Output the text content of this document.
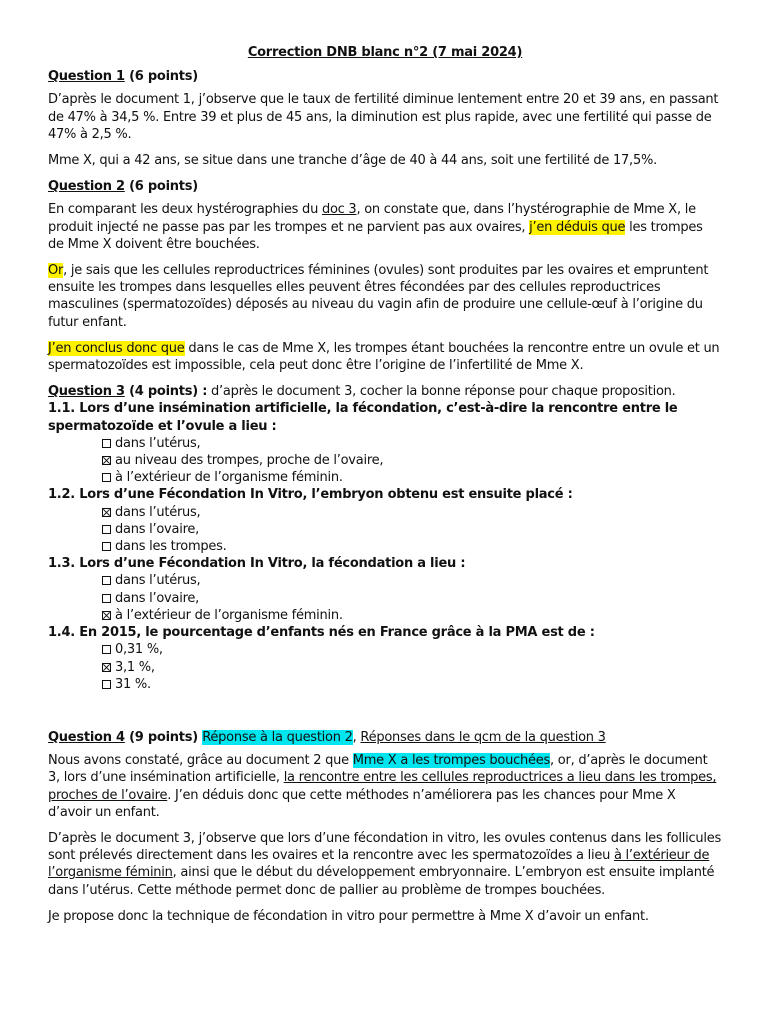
Correction DNB blanc n°2 (7 mai 2024)

Question 1 (6 points)

D’après le document 1, j’observe que le taux de fertilité diminue lentement entre 20 et 39 ans, en passant de 47% à 34,5 %. Entre 39 et plus de 45 ans, la diminution est plus rapide, avec une fertilité qui passe de 47% à 2,5 %.

Mme X, qui a 42 ans, se situe dans une tranche d’âge de 40 à 44 ans, soit une fertilité de 17,5%.

Question 2 (6 points)

En comparant les deux hystérographies du doc 3, on constate que, dans l’hystérographie de Mme X, le produit injecté ne passe pas par les trompes et ne parvient pas aux ovaires, j’en déduis que les trompes de Mme X doivent être bouchées.

Or, je sais que les cellules reproductrices féminines (ovules) sont produites par les ovaires et empruntent ensuite les trompes dans lesquelles elles peuvent êtres fécondées par des cellules reproductrices masculines (spermatozoïdes) déposés au niveau du vagin afin de produire une cellule-œuf à l’origine du futur enfant.

J’en conclus donc que dans le cas de Mme X, les trompes étant bouchées la rencontre entre un ovule et un spermatozoïdes est impossible, cela peut donc être l’origine de l’infertilité de Mme X.

Question 3 (4 points) : d’après le document 3, cocher la bonne réponse pour chaque proposition.

1.1. Lors d’une insémination artificielle, la fécondation, c’est-à-dire la rencontre entre le spermatozoïde et l’ovule a lieu :

dans l’utérus,

au niveau des trompes, proche de l’ovaire,

à l’extérieur de l’organisme féminin.

1.2. Lors d’une Fécondation In Vitro, l’embryon obtenu est ensuite placé :

dans l’utérus,

dans l’ovaire,

dans les trompes.

1.3. Lors d’une Fécondation In Vitro, la fécondation a lieu :

dans l’utérus,

dans l’ovaire,

à l’extérieur de l’organisme féminin.

1.4. En 2015, le pourcentage d’enfants nés en France grâce à la PMA est de :

0,31 %,

3,1 %,

31 %.

Question 4 (9 points) Réponse à la question 2, Réponses dans le qcm de la question 3

Nous avons constaté, grâce au document 2 que Mme X a les trompes bouchées, or, d’après le document 3, lors d’une insémination artificielle, la rencontre entre les cellules reproductrices a lieu dans les trompes, proches de l’ovaire. J’en déduis donc que cette méthodes n’améliorera pas les chances pour Mme X d’avoir un enfant.

D’après le document 3, j’observe que lors d’une fécondation in vitro, les ovules contenus dans les follicules sont prélevés directement dans les ovaires et la rencontre avec les spermatozoïdes a lieu à l’extérieur de l’organisme féminin, ainsi que le début du développement embryonnaire. L’embryon est ensuite implanté dans l’utérus. Cette méthode permet donc de pallier au problème de trompes bouchées.

Je propose donc la technique de fécondation in vitro pour permettre à Mme X d’avoir un enfant.
